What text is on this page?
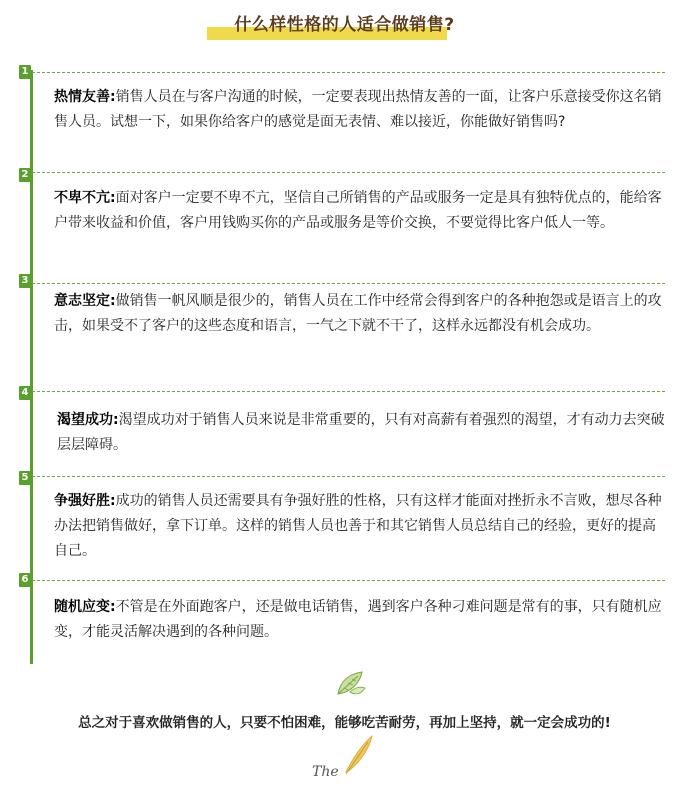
什么样性格的人适合做销售?
1
热情友善:销售人员在与客户沟通的时候，一定要表现出热情友善的一面，让客户乐意接受你这名销售人员。试想一下，如果你给客户的感觉是面无表情、难以接近，你能做好销售吗?
2
不卑不亢:面对客户一定要不卑不亢，坚信自己所销售的产品或服务一定是具有独特优点的，能给客户带来收益和价值，客户用钱购买你的产品或服务是等价交换，不要觉得比客户低人一等。
3
意志坚定:做销售一帆风顺是很少的，销售人员在工作中经常会得到客户的各种抱怨或是语言上的攻击，如果受不了客户的这些态度和语言，一气之下就不干了，这样永远都没有机会成功。
4
渴望成功:渴望成功对于销售人员来说是非常重要的，只有对高薪有着强烈的渴望，才有动力去突破层层障碍。
5
争强好胜:成功的销售人员还需要具有争强好胜的性格，只有这样才能面对挫折永不言败，想尽各种办法把销售做好，拿下订单。这样的销售人员也善于和其它销售人员总结自己的经验，更好的提高自己。
6
随机应变:不管是在外面跑客户，还是做电话销售，遇到客户各种刁难问题是常有的事，只有随机应变，才能灵活解决遇到的各种问题。
总之对于喜欢做销售的人，只要不怕困难，能够吃苦耐劳，再加上坚持，就一定会成功的!
The
